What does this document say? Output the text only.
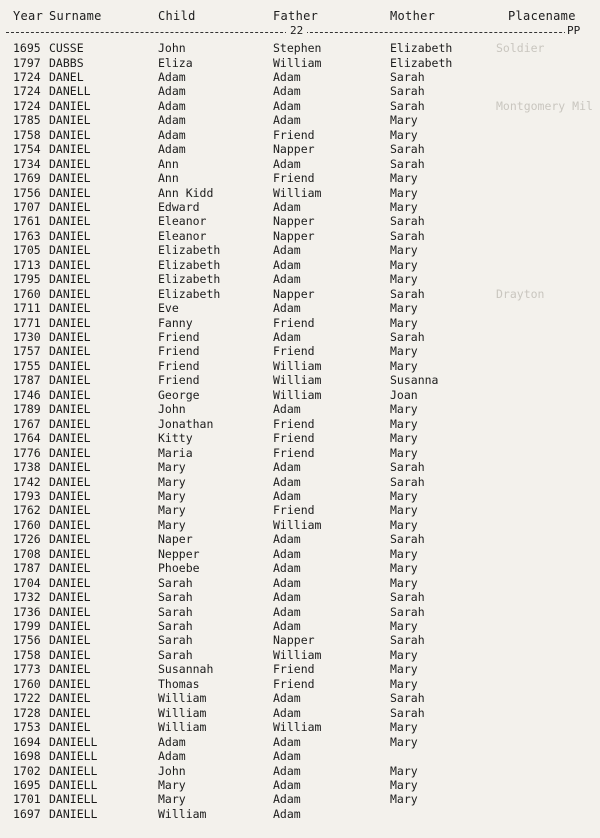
Year Surname	Child	Father	Mother	Placename
22	PP
1695 CUSSE	John	Stephen	Elizabeth	Soldier
1797 DABBS	Eliza	William	Elizabeth
1724 DANEL	Adam	Adam	Sarah
1724 DANELL	Adam	Adam	Sarah
1724 DANIEL	Adam	Adam	Sarah	Montgomery Mil
1785 DANIEL	Adam	Adam	Mary
1758 DANIEL	Adam	Friend	Mary
1754 DANIEL	Adam	Napper	Sarah
1734 DANIEL	Ann	Adam	Sarah
1769 DANIEL	Ann	Friend	Mary
1756 DANIEL	Ann Kidd	William	Mary
1707 DANIEL	Edward	Adam	Mary
1761 DANIEL	Eleanor	Napper	Sarah
1763 DANIEL	Eleanor	Napper	Sarah
1705 DANIEL	Elizabeth	Adam	Mary
1713 DANIEL	Elizabeth	Adam	Mary
1795 DANIEL	Elizabeth	Adam	Mary
1760 DANIEL	Elizabeth	Napper	Sarah	Drayton
1711 DANIEL	Eve	Adam	Mary
1771 DANIEL	Fanny	Friend	Mary
1730 DANIEL	Friend	Adam	Sarah
1757 DANIEL	Friend	Friend	Mary
1755 DANIEL	Friend	William	Mary
1787 DANIEL	Friend	William	Susanna
1746 DANIEL	George	William	Joan
1789 DANIEL	John	Adam	Mary
1767 DANIEL	Jonathan	Friend	Mary
1764 DANIEL	Kitty	Friend	Mary
1776 DANIEL	Maria	Friend	Mary
1738 DANIEL	Mary	Adam	Sarah
1742 DANIEL	Mary	Adam	Sarah
1793 DANIEL	Mary	Adam	Mary
1762 DANIEL	Mary	Friend	Mary
1760 DANIEL	Mary	William	Mary
1726 DANIEL	Naper	Adam	Sarah
1708 DANIEL	Nepper	Adam	Mary
1787 DANIEL	Phoebe	Adam	Mary
1704 DANIEL	Sarah	Adam	Mary
1732 DANIEL	Sarah	Adam	Sarah
1736 DANIEL	Sarah	Adam	Sarah
1799 DANIEL	Sarah	Adam	Mary
1756 DANIEL	Sarah	Napper	Sarah
1758 DANIEL	Sarah	William	Mary
1773 DANIEL	Susannah	Friend	Mary
1760 DANIEL	Thomas	Friend	Mary
1722 DANIEL	William	Adam	Sarah
1728 DANIEL	William	Adam	Sarah
1753 DANIEL	William	William	Mary
1694 DANIELL	Adam	Adam	Mary
1698 DANIELL	Adam	Adam
1702 DANIELL	John	Adam	Mary
1695 DANIELL	Mary	Adam	Mary
1701 DANIELL	Mary	Adam	Mary
1697 DANIELL	William	Adam
